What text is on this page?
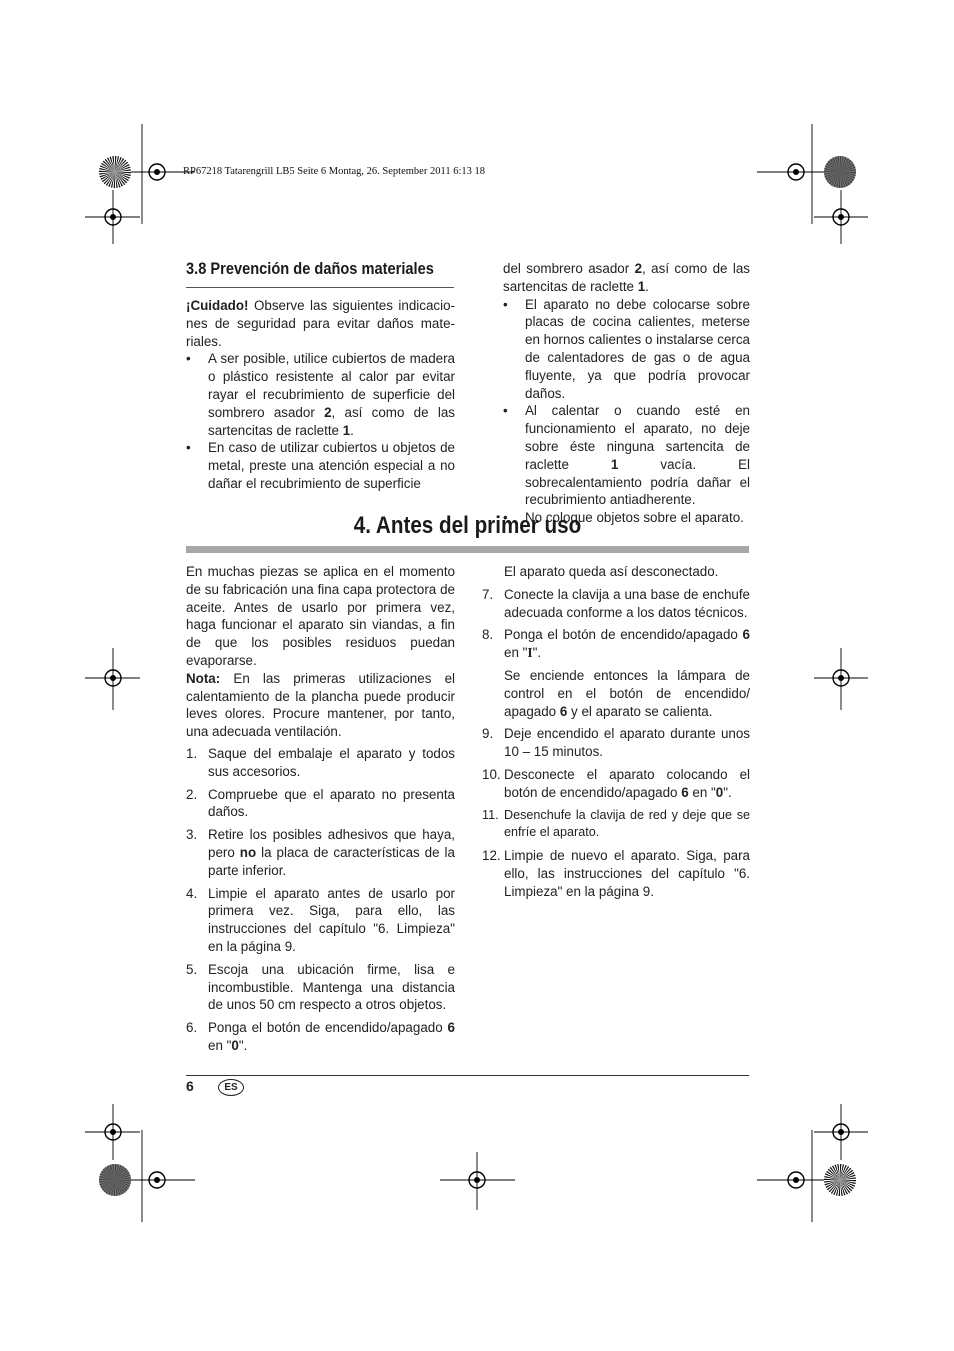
RP67218 Tatarengrill LB5 Seite 6 Montag, 26. September 2011 6:13 18
3.8 Prevención de daños materiales

¡Cuidado! Observe las siguientes indicacio-nes de seguridad para evitar daños mate-riales.

• A ser posible, utilice cubiertos de madera o plástico resistente al calor par evitar rayar el recubrimiento de superficie del sombrero asador 2, así como de las sartencitas de raclette 1.
• En caso de utilizar cubiertos u objetos de metal, preste una atención especial a no dañar el recubrimiento de superficie

del sombrero asador 2, así como de las sartencitas de raclette 1.

• El aparato no debe colocarse sobre placas de cocina calientes, meterse en hornos calientes o instalarse cerca de calentadores de gas o de agua fluyente, ya que podría provocar daños.
• Al calentar o cuando esté en funcionamiento el aparato, no deje sobre éste ninguna sartencita de raclette 1 vacía. El sobrecalentamiento podría dañar el recubrimiento antiadherente.
• No coloque objetos sobre el aparato.
4. Antes del primer uso

En muchas piezas se aplica en el momento de su fabricación una fina capa protectora de aceite. Antes de usarlo por primera vez, haga funcionar el aparato sin viandas, a fin de que los posibles residuos puedan evaporarse.

Nota: En las primeras utilizaciones el calentamiento de la plancha puede producir leves olores. Procure mantener, por tanto, una adecuada ventilación.

1. Saque del embalaje el aparato y todos sus accesorios.
2. Compruebe que el aparato no presenta daños.
3. Retire los posibles adhesivos que haya, pero no la placa de características de la parte inferior.
4. Limpie el aparato antes de usarlo por primera vez. Siga, para ello, las instrucciones del capítulo "6. Limpieza" en la página 9.
5. Escoja una ubicación firme, lisa e incombustible. Mantenga una distancia de unos 50 cm respecto a otros objetos.
6. Ponga el botón de encendido/apagado 6 en "0".
El aparato queda así desconectado.
7. Conecte la clavija a una base de enchufe adecuada conforme a los datos técnicos.
8. Ponga el botón de encendido/apagado 6 en "I".
Se enciende entonces la lámpara de control en el botón de encendido/ apagado 6 y el aparato se calienta.
9. Deje encendido el aparato durante unos 10 – 15 minutos.
10. Desconecte el aparato colocando el botón de encendido/apagado 6 en "0".
11. Desenchufe la clavija de red y deje que se enfríe el aparato.
12. Limpie de nuevo el aparato. Siga, para ello, las instrucciones del capítulo "6. Limpieza" en la página 9.
6	ES
